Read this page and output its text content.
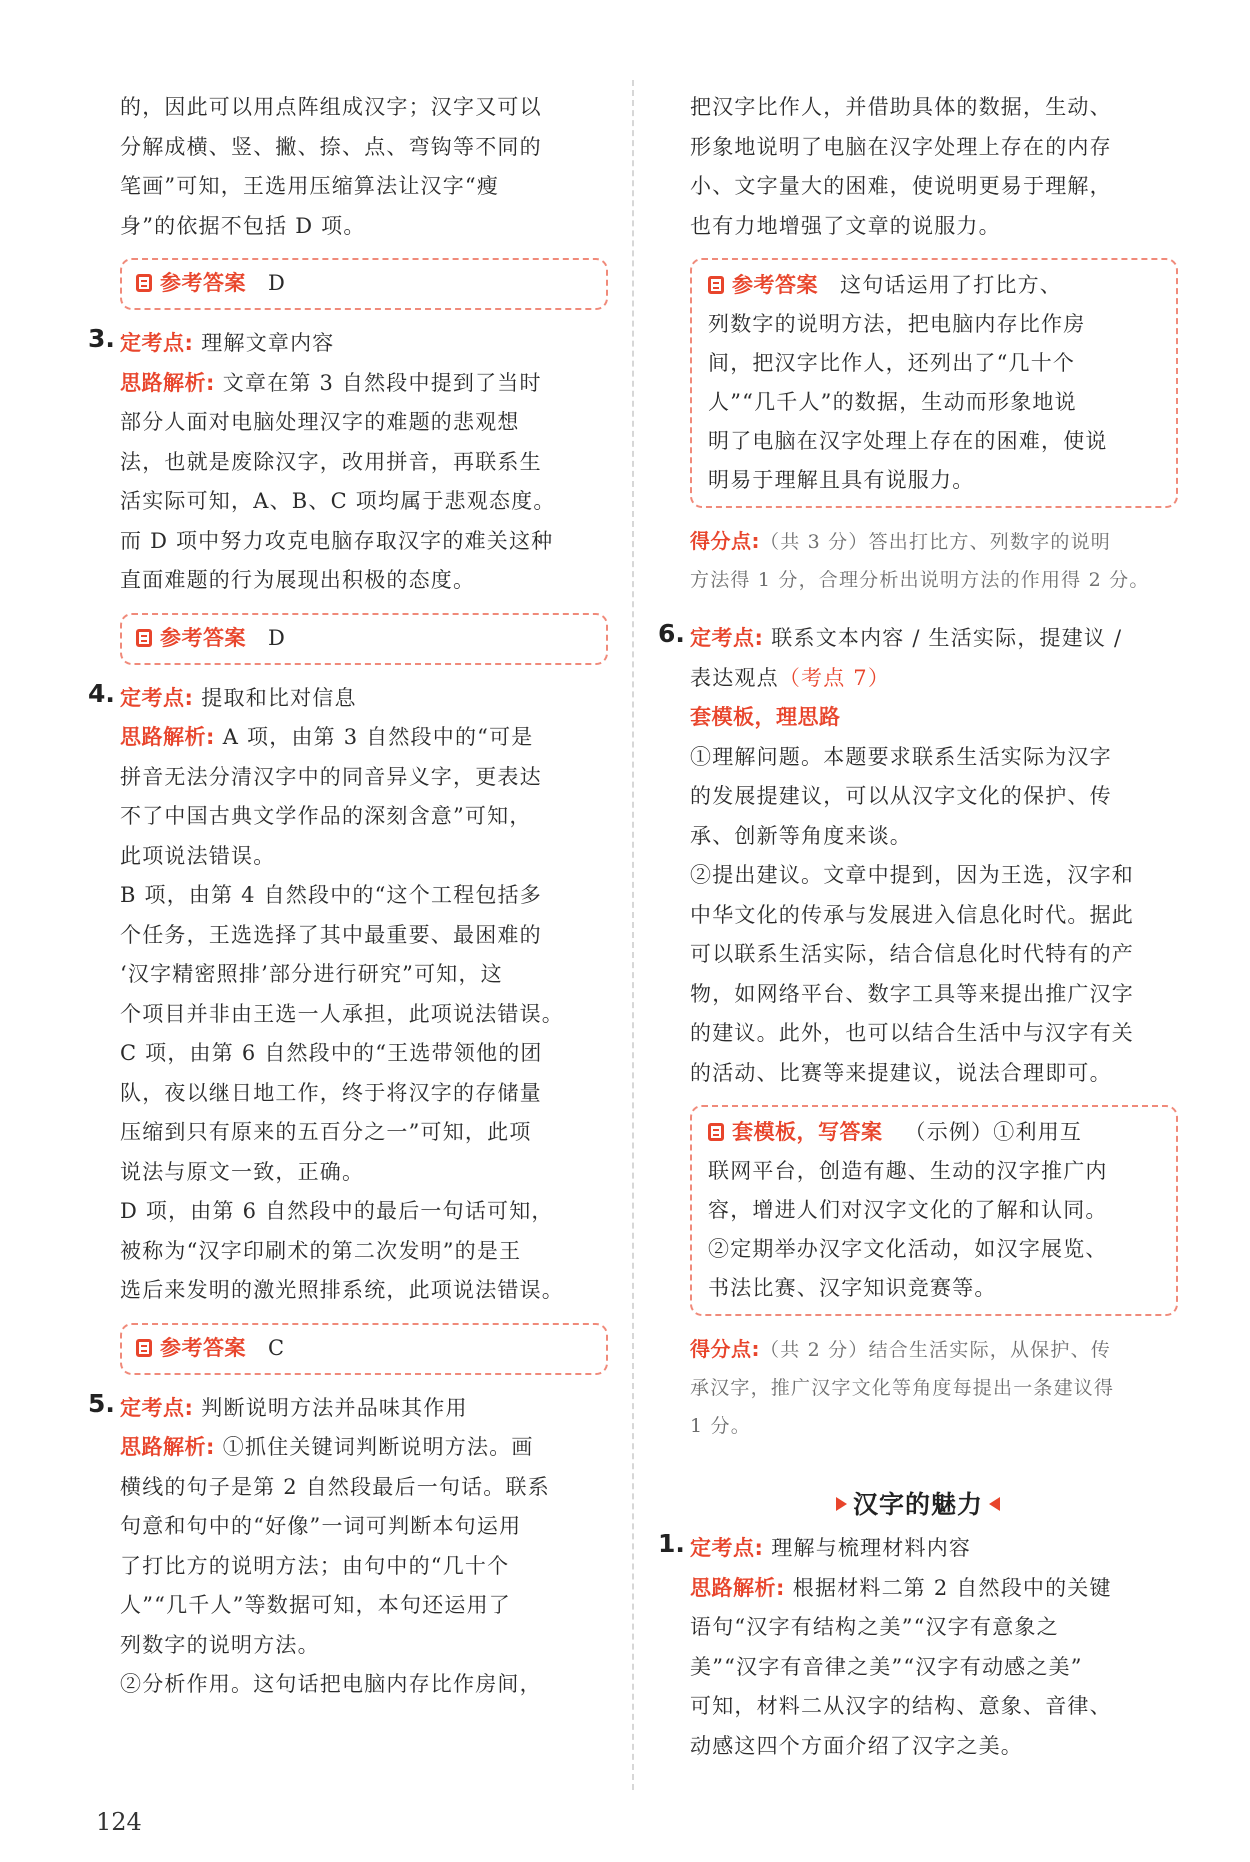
的，因此可以用点阵组成汉字；汉字又可以

分解成横、竖、撇、捺、点、弯钩等不同的

笔画”可知，王选用压缩算法让汉字“瘦

身”的依据不包括 D 项。

参考答案 D
3. 定考点: 理解文章内容

思路解析: 文章在第 3 自然段中提到了当时

部分人面对电脑处理汉字的难题的悲观想

法，也就是废除汉字，改用拼音，再联系生

活实际可知，A、B、C 项均属于悲观态度。

而 D 项中努力攻克电脑存取汉字的难关这种

直面难题的行为展现出积极的态度。

参考答案 D
4. 定考点: 提取和比对信息

思路解析: A 项，由第 3 自然段中的“可是

拼音无法分清汉字中的同音异义字，更表达

不了中国古典文学作品的深刻含意”可知，

此项说法错误。

B 项，由第 4 自然段中的“这个工程包括多

个任务，王选选择了其中最重要、最困难的

‘汉字精密照排’部分进行研究”可知，这

个项目并非由王选一人承担，此项说法错误。

C 项，由第 6 自然段中的“王选带领他的团

队，夜以继日地工作，终于将汉字的存储量

压缩到只有原来的五百分之一”可知，此项

说法与原文一致，正确。

D 项，由第 6 自然段中的最后一句话可知，

被称为“汉字印刷术的第二次发明”的是王

选后来发明的激光照排系统，此项说法错误。

参考答案 C
5. 定考点: 判断说明方法并品味其作用

思路解析: ①抓住关键词判断说明方法。画

横线的句子是第 2 自然段最后一句话。联系

句意和句中的“好像”一词可判断本句运用

了打比方的说明方法；由句中的“几十个

人”“几千人”等数据可知，本句还运用了

列数字的说明方法。

②分析作用。这句话把电脑内存比作房间，

把汉字比作人，并借助具体的数据，生动、

形象地说明了电脑在汉字处理上存在的内存

小、文字量大的困难，使说明更易于理解，

也有力地增强了文章的说服力。

参考答案 这句话运用了打比方、

列数字的说明方法，把电脑内存比作房

间，把汉字比作人，还列出了“几十个

人”“几千人”的数据，生动而形象地说

明了电脑在汉字处理上存在的困难，使说

明易于理解且具有说服力。

得分点:（共 3 分）答出打比方、列数字的说明

方法得 1 分，合理分析出说明方法的作用得 2 分。

6. 定考点: 联系文本内容 / 生活实际，提建议 /

表达观点（考点 7）

套模板，理思路

①理解问题。本题要求联系生活实际为汉字

的发展提建议，可以从汉字文化的保护、传

承、创新等角度来谈。

②提出建议。文章中提到，因为王选，汉字和

中华文化的传承与发展进入信息化时代。据此

可以联系生活实际，结合信息化时代特有的产

物，如网络平台、数字工具等来提出推广汉字

的建议。此外，也可以结合生活中与汉字有关

的活动、比赛等来提建议，说法合理即可。

套模板，写答案 （示例）①利用互

联网平台，创造有趣、生动的汉字推广内

容，增进人们对汉字文化的了解和认同。

②定期举办汉字文化活动，如汉字展览、

书法比赛、汉字知识竞赛等。

得分点:（共 2 分）结合生活实际，从保护、传

承汉字，推广汉字文化等角度每提出一条建议得

1 分。

汉字的魅力
1. 定考点: 理解与梳理材料内容

思路解析: 根据材料二第 2 自然段中的关键

语句“汉字有结构之美”“汉字有意象之

美”“汉字有音律之美”“汉字有动感之美”

可知，材料二从汉字的结构、意象、音律、

动感这四个方面介绍了汉字之美。

124
